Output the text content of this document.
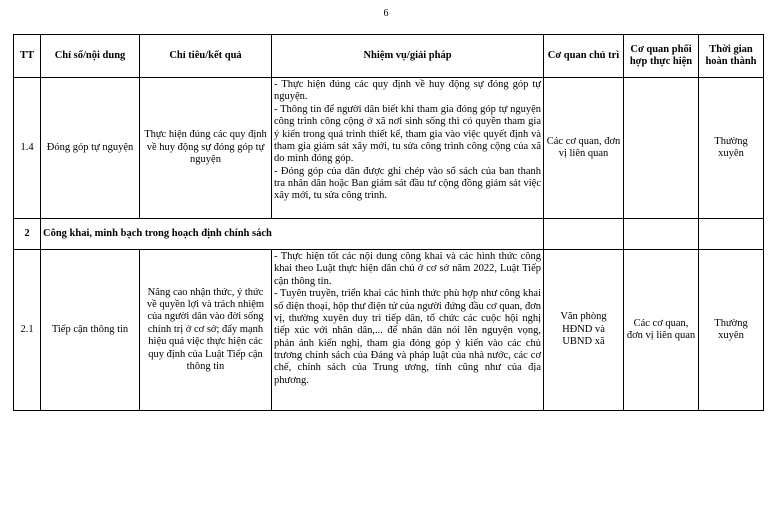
6
TT	Chỉ số/nội dung	Chỉ tiêu/kết quả	Nhiệm vụ/giải pháp	Cơ quan chủ trì	Cơ quan phối hợp thực hiện	Thời gian hoàn thành
1.4	Đóng góp tự nguyện	Thực hiện đúng các quy định về huy động sự đóng góp tự nguyện	- Thực hiện đúng các quy định về huy động sự đóng góp tự nguyện.
- Thông tin để người dân biết khi tham gia đóng góp tự nguyện công trình công cộng ở xã nơi sinh sống thì có quyền tham gia ý kiến trong quá trình thiết kế, tham gia vào việc quyết định và tham gia giám sát xây mới, tu sửa công trình công cộng của xã do mình đóng góp.
- Đóng góp của dân được ghi chép vào sổ sách của ban thanh tra nhân dân hoặc Ban giám sát đầu tư cộng đồng giám sát việc xây mới, tu sửa công trình.	Các cơ quan, đơn vị liên quan		Thường xuyên
2	Công khai, minh bạch trong hoạch định chính sách					
2.1	Tiếp cận thông tin	Nâng cao nhận thức, ý thức về quyền lợi và trách nhiệm của người dân vào đời sống chính trị ở cơ sở; đẩy mạnh hiệu quả việc thực hiện các quy định của Luật Tiếp cận thông tin	- Thực hiện tốt các nội dung công khai và các hình thức công khai theo Luật thực hiện dân chủ ở cơ sở năm 2022, Luật Tiếp cận thông tin.
- Tuyên truyền, triển khai các hình thức phù hợp như công khai số điện thoại, hộp thư điện tử của người đứng đầu cơ quan, đơn vị, thường xuyên duy trì tiếp dân, tổ chức các cuộc hội nghị tiếp xúc với nhân dân,... để nhân dân nói lên nguyện vọng, phản ánh kiến nghị, tham gia đóng góp ý kiến vào các chủ trương chính sách của Đảng và pháp luật của nhà nước, các cơ chế, chính sách của Trung ương, tỉnh cũng như của địa phương.	Văn phòng HĐND và UBND xã	Các cơ quan, đơn vị liên quan	Thường xuyên
